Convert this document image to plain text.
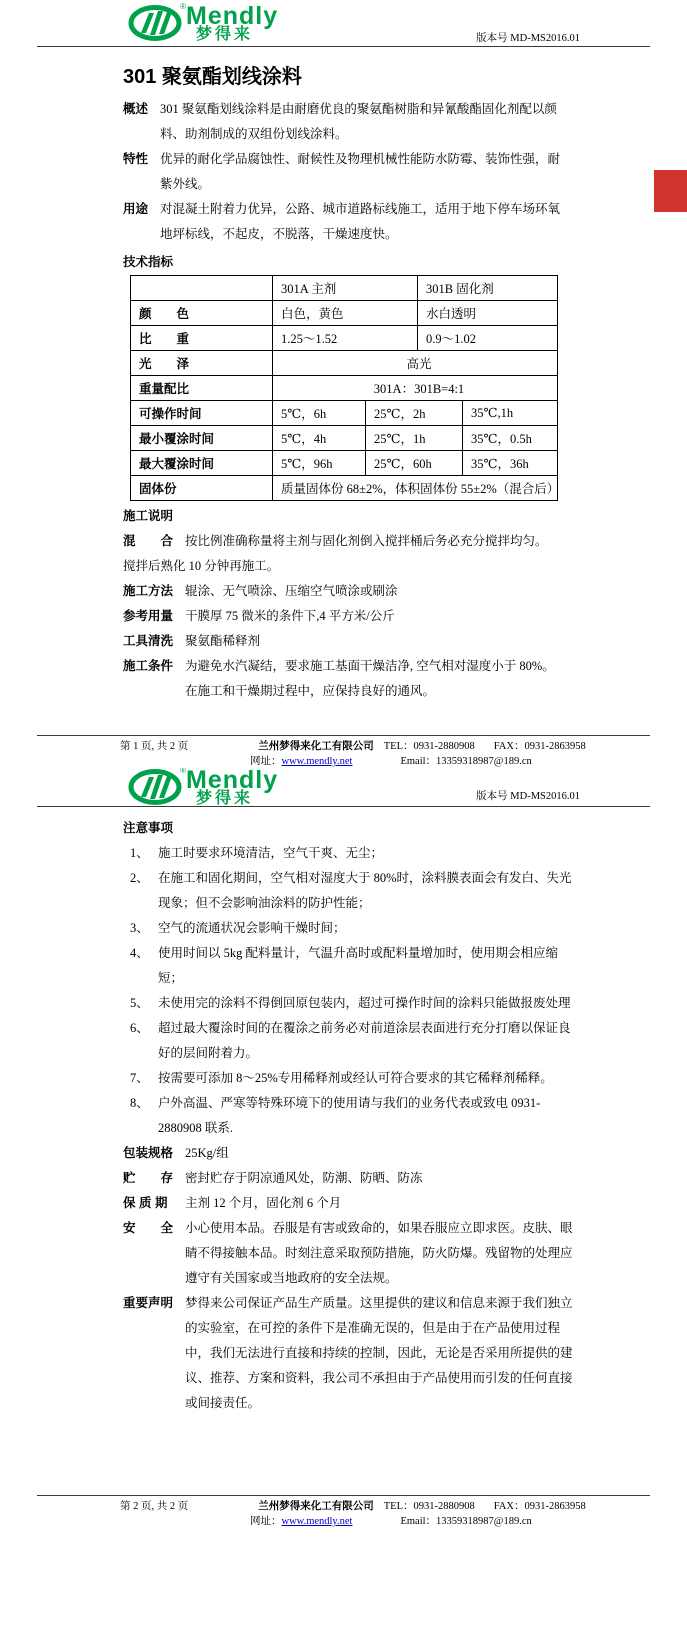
® Mendly
梦得来	版本号 MD-MS2016.01
301 聚氨酯划线涂料
概述 301 聚氨酯划线涂料是由耐磨优良的聚氨酯树脂和异氰酸酯固化剂配以颜料、助剂制成的双组份划线涂料。
特性 优异的耐化学品腐蚀性、耐候性及物理机械性能防水防霉、装饰性强，耐紫外线。
用途 对混凝土附着力优异，公路、城市道路标线施工，适用于地下停车场环氧地坪标线，不起皮，不脱落，干燥速度快。
技术指标
	301A 主剂		301B 固化剂	
颜　　色	白色，黄色		水白透明	
比　　重	1.25～1.52		0.9～1.02	
光　　泽	高光			
重量配比	301A：301B=4:1			
可操作时间	5℃，6h	25℃，2h		35℃,1h
最小覆涂时间	5℃，4h	25℃，1h		35℃，0.5h
最大覆涂时间	5℃，96h	25℃，60h		35℃，36h
固体份	质量固体份 68±2%，体积固体份 55±2%（混合后）			
施工说明
混　　合 按比例准确称量将主剂与固化剂倒入搅拌桶后务必充分搅拌均匀。
搅拌后熟化 10 分钟再施工。
施工方法 辊涂、无气喷涂、压缩空气喷涂或刷涂
参考用量 干膜厚 75 微米的条件下,4 平方米/公斤
工具清洗 聚氨酯稀释剂
施工条件 为避免水汽凝结，要求施工基面干燥洁净, 空气相对湿度小于 80%。
在施工和干燥期过程中，应保持良好的通风。
第 1 页, 共 2 页	兰州梦得来化工有限公司 TEL：0931-2880908 FAX：0931-2863958
网址：www.mendly.net	Email：13359318987@189.cn
® Mendly
梦得来	版本号 MD-MS2016.01
注意事项
1、 施工时要求环境清洁，空气干爽、无尘；
2、 在施工和固化期间，空气相对湿度大于 80%时，涂料膜表面会有发白、失光现象；但不会影响油涂料的防护性能；
3、 空气的流通状况会影响干燥时间；
4、 使用时间以 5kg 配料量计，气温升高时或配料量增加时，使用期会相应缩短；
5、 未使用完的涂料不得倒回原包装内，超过可操作时间的涂料只能做报废处理
6、 超过最大覆涂时间的在覆涂之前务必对前道涂层表面进行充分打磨以保证良好的层间附着力。
7、 按需要可添加 8～25%专用稀释剂或经认可符合要求的其它稀释剂稀释。
8、 户外高温、严寒等特殊环境下的使用请与我们的业务代表或致电 0931-2880908 联系.
包装规格 25Kg/组
贮　　存 密封贮存于阴凉通风处，防潮、防晒、防冻
保 质 期	主剂 12 个月，固化剂 6 个月
安　　全 小心使用本品。吞服是有害或致命的，如果吞服应立即求医。皮肤、眼睛不得接触本品。时刻注意采取预防措施，防火防爆。残留物的处理应遵守有关国家或当地政府的安全法规。
重要声明 梦得来公司保证产品生产质量。这里提供的建议和信息来源于我们独立的实验室，在可控的条件下是准确无误的，但是由于在产品使用过程中，我们无法进行直接和持续的控制，因此，无论是否采用所提供的建议、推荐、方案和资料，我公司不承担由于产品使用而引发的任何直接或间接责任。
第 2 页, 共 2 页	兰州梦得来化工有限公司 TEL：0931-2880908 FAX：0931-2863958
网址：www.mendly.net	Email：13359318987@189.cn
